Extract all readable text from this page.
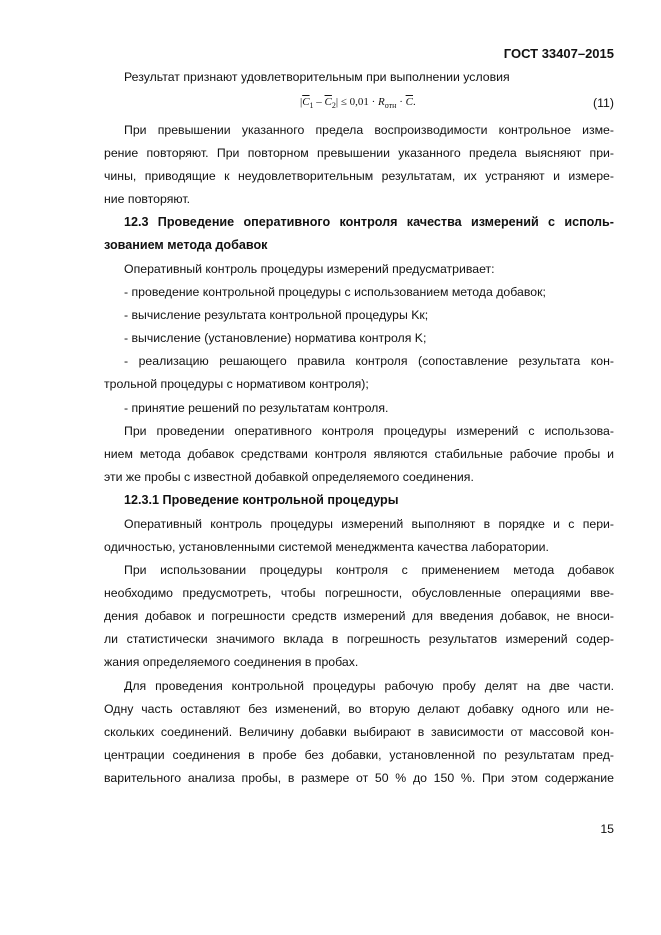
ГОСТ 33407–2015
Результат признают удовлетворительным при выполнении условия
$|\overline{C}_1 - \overline{C}_2| \le 0,01 \cdot R_{отн} \cdot \overline{C}$.	(11)
При превышении указанного предела воспроизводимости контрольное изме-
рение повторяют. При повторном превышении указанного предела выясняют при-
чины, приводящие к неудовлетворительным результатам, их устраняют и измере-
ние повторяют.
12.3 Проведение оперативного контроля качества измерений с исполь-
зованием метода добавок
Оперативный контроль процедуры измерений предусматривает:
- проведение контрольной процедуры с использованием метода добавок;
- вычисление результата контрольной процедуры Kк;
- вычисление (установление) норматива контроля K;
- реализацию решающего правила контроля (сопоставление результата кон-
трольной процедуры с нормативом контроля);
- принятие решений по результатам контроля.
При проведении оперативного контроля процедуры измерений с использова-
нием метода добавок средствами контроля являются стабильные рабочие пробы и
эти же пробы с известной добавкой определяемого соединения.
12.3.1 Проведение контрольной процедуры
Оперативный контроль процедуры измерений выполняют в порядке и с пери-
одичностью, установленными системой менеджмента качества лаборатории.
При использовании процедуры контроля с применением метода добавок
необходимо предусмотреть, чтобы погрешности, обусловленные операциями вве-
дения добавок и погрешности средств измерений для введения добавок, не вноси-
ли статистически значимого вклада в погрешность результатов измерений содер-
жания определяемого соединения в пробах.
Для проведения контрольной процедуры рабочую пробу делят на две части.
Одну часть оставляют без изменений, во вторую делают добавку одного или не-
скольких соединений. Величину добавки выбирают в зависимости от массовой кон-
центрации соединения в пробе без добавки, установленной по результатам пред-
варительного анализа пробы, в размере от 50 % до 150 %. При этом содержание
15
